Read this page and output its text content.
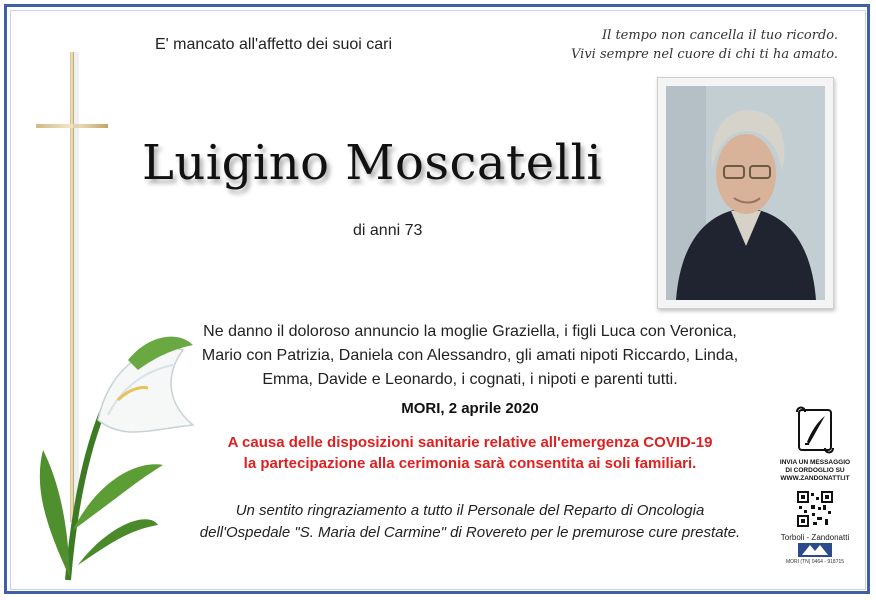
E' mancato all'affetto dei suoi cari
Il tempo non cancella il tuo ricordo.
Vivi sempre nel cuore di chi ti ha amato.
Luigino Moscatelli
di anni 73
Ne danno il doloroso annuncio la moglie Graziella, i figli Luca con Veronica,
Mario con Patrizia, Daniela con Alessandro, gli amati nipoti Riccardo, Linda,
Emma, Davide e Leonardo, i cognati, i nipoti e parenti tutti.
MORI, 2 aprile 2020
A causa delle disposizioni sanitarie relative all'emergenza COVID-19
la partecipazione alla cerimonia sarà consentita ai soli familiari.
Un sentito ringraziamento a tutto il Personale del Reparto di Oncologia
dell'Ospedale "S. Maria del Carmine" di Rovereto per le premurose cure prestate.
INVIA UN MESSAGGIO
DI CORDOGLIO SU
WWW.ZANDONATTI.IT
Torboli - Zandonatti
MORI (TN) 0464 - 918715
